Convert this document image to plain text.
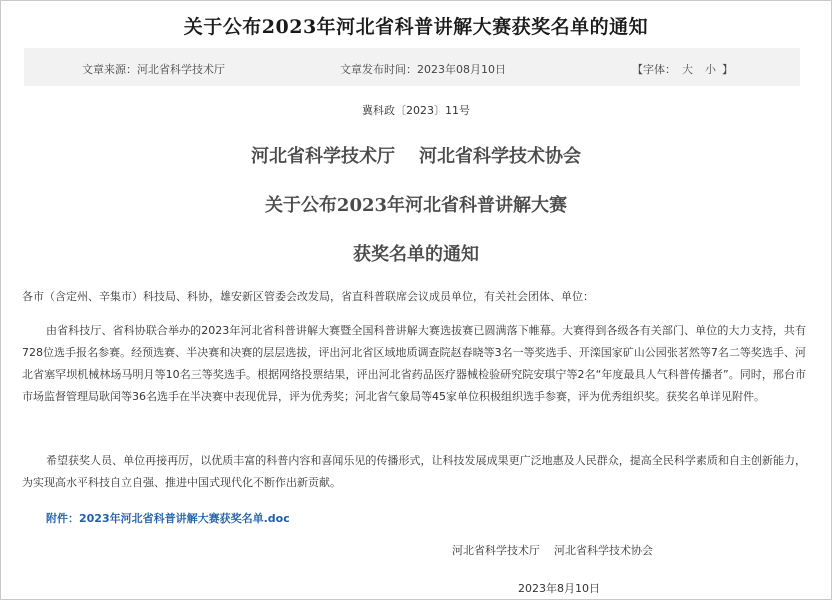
关于公布2023年河北省科普讲解大赛获奖名单的通知
文章来源：河北省科学技术厅	文章发布时间：2023年08月10日	【字体： 大 小 】
冀科政〔2023〕11号
河北省科学技术厅 河北省科学技术协会
关于公布2023年河北省科普讲解大赛
获奖名单的通知
各市（含定州、辛集市）科技局、科协，雄安新区管委会改发局，省直科普联席会议成员单位，有关社会团体、单位：
由省科技厅、省科协联合举办的2023年河北省科普讲解大赛暨全国科普讲解大赛选拔赛已圆满落下帷幕。大赛得到各级各有关部门、单位的大力支持，共有728位选手报名参赛。经预选赛、半决赛和决赛的层层选拔，评出河北省区域地质调查院赵春晓等3名一等奖选手、开滦国家矿山公园张茗然等7名二等奖选手、河北省塞罕坝机械林场马明月等10名三等奖选手。根据网络投票结果，评出河北省药品医疗器械检验研究院安琪宁等2名“年度最具人气科普传播者”。同时，邢台市市场监督管理局耿闰等36名选手在半决赛中表现优异，评为优秀奖；河北省气象局等45家单位积极组织选手参赛，评为优秀组织奖。获奖名单详见附件。
希望获奖人员、单位再接再厉，以优质丰富的科普内容和喜闻乐见的传播形式，让科技发展成果更广泛地惠及人民群众，提高全民科学素质和自主创新能力，为实现高水平科技自立自强、推进中国式现代化不断作出新贡献。
附件：2023年河北省科普讲解大赛获奖名单.doc
河北省科学技术厅 河北省科学技术协会
2023年8月10日
